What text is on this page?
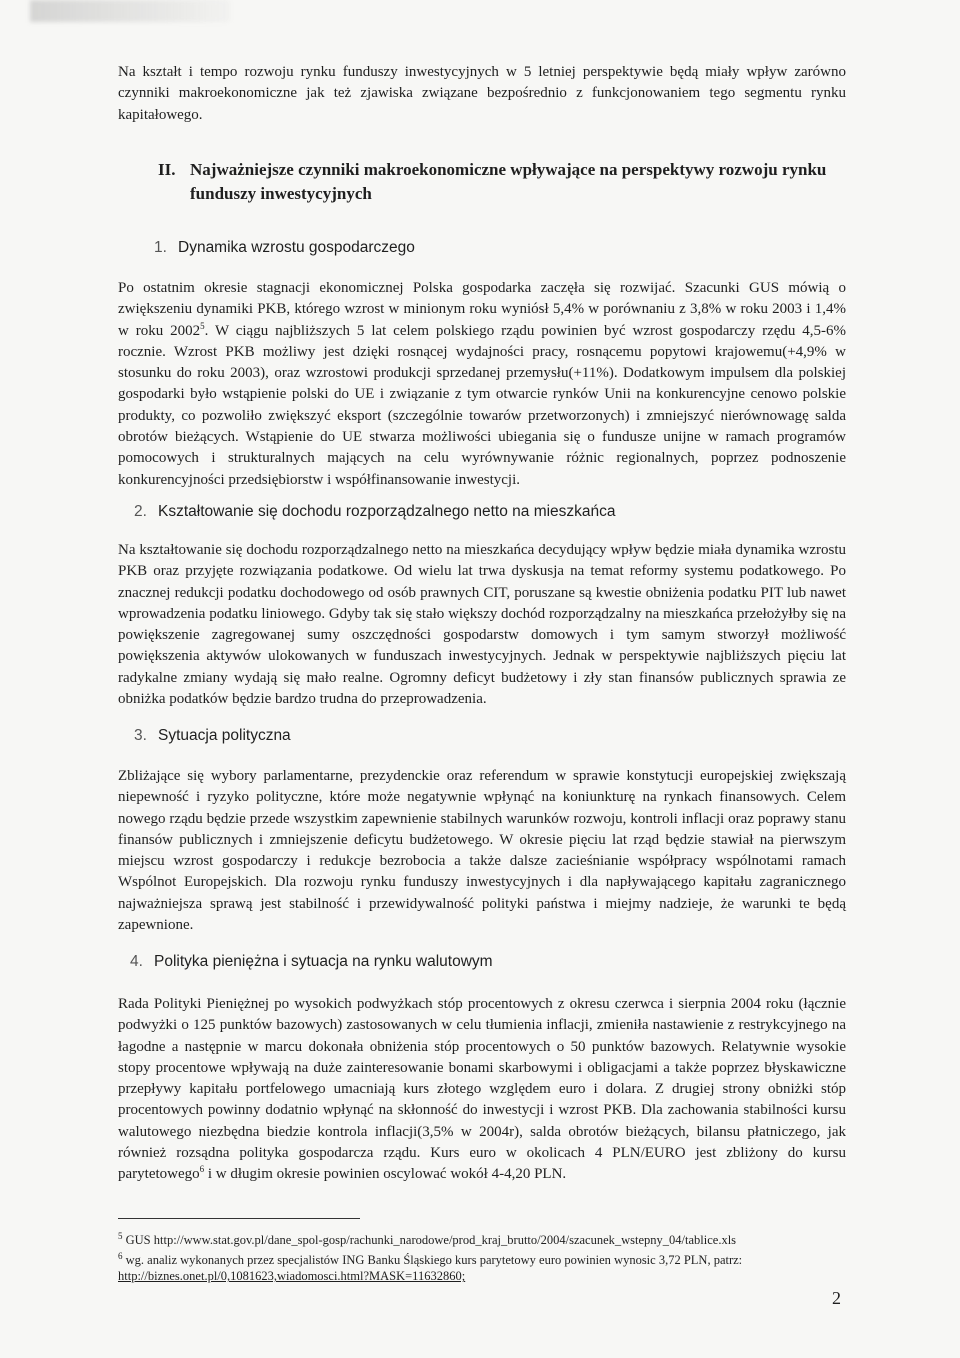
Na kształt i tempo rozwoju rynku funduszy inwestycyjnych w 5 letniej perspektywie będą miały wpływ zarówno czynniki makroekonomiczne jak też zjawiska związane bezpośrednio z funkcjonowaniem tego segmentu rynku kapitałowego.

II. Najważniejsze czynniki makroekonomiczne wpływające na perspektywy rozwoju rynku funduszy inwestycyjnych
1. Dynamika wzrostu gospodarczego

Po ostatnim okresie stagnacji ekonomicznej Polska gospodarka zaczęła się rozwijać. Szacunki GUS mówią o zwiększeniu dynamiki PKB, którego wzrost w minionym roku wyniósł 5,4% w porównaniu z 3,8% w roku 2003 i 1,4% w roku 2002$^5$. W ciągu najbliższych 5 lat celem polskiego rządu powinien być wzrost gospodarczy rzędu 4,5-6% rocznie. Wzrost PKB możliwy jest dzięki rosnącej wydajności pracy, rosnącemu popytowi krajowemu(+4,9% w stosunku do roku 2003), oraz wzrostowi produkcji sprzedanej przemysłu(+11%). Dodatkowym impulsem dla polskiej gospodarki było wstąpienie polski do UE i związanie z tym otwarcie rynków Unii na konkurencyjne cenowo polskie produkty, co pozwoliło zwiększyć eksport (szczególnie towarów przetworzonych) i zmniejszyć nierównowagę salda obrotów bieżących. Wstąpienie do UE stwarza możliwości ubiegania się o fundusze unijne w ramach programów pomocowych i strukturalnych mających na celu wyrównywanie różnic regionalnych, poprzez podnoszenie konkurencyjności przedsiębiorstw i współfinansowanie inwestycji.

2. Kształtowanie się dochodu rozporządzalnego netto na mieszkańca

Na kształtowanie się dochodu rozporządzalnego netto na mieszkańca decydujący wpływ będzie miała dynamika wzrostu PKB oraz przyjęte rozwiązania podatkowe. Od wielu lat trwa dyskusja na temat reformy systemu podatkowego. Po znacznej redukcji podatku dochodowego od osób prawnych CIT, poruszane są kwestie obniżenia podatku PIT lub nawet wprowadzenia podatku liniowego. Gdyby tak się stało większy dochód rozporządzalny na mieszkańca przełożyłby się na powiększenie zagregowanej sumy oszczędności gospodarstw domowych i tym samym stworzył możliwość powiększenia aktywów ulokowanych w funduszach inwestycyjnych. Jednak w perspektywie najbliższych pięciu lat radykalne zmiany wydają się mało realne. Ogromny deficyt budżetowy i zły stan finansów publicznych sprawia ze obniżka podatków będzie bardzo trudna do przeprowadzenia.

3. Sytuacja polityczna

Zbliżające się wybory parlamentarne, prezydenckie oraz referendum w sprawie konstytucji europejskiej zwiększają niepewność i ryzyko polityczne, które może negatywnie wpłynąć na koniunkturę na rynkach finansowych. Celem nowego rządu będzie przede wszystkim zapewnienie stabilnych warunków rozwoju, kontroli inflacji oraz poprawy stanu finansów publicznych i zmniejszenie deficytu budżetowego. W okresie pięciu lat rząd będzie stawiał na pierwszym miejscu wzrost gospodarczy i redukcje bezrobocia a także dalsze zacieśnianie współpracy wspólnotami ramach Wspólnot Europejskich. Dla rozwoju rynku funduszy inwestycyjnych i dla napływającego kapitału zagranicznego najważniejsza sprawą jest stabilność i przewidywalność polityki państwa i miejmy nadzieje, że warunki te będą zapewnione.

4. Polityka pieniężna i sytuacja na rynku walutowym

Rada Polityki Pieniężnej po wysokich podwyżkach stóp procentowych z okresu czerwca i sierpnia 2004 roku (łącznie podwyżki o 125 punktów bazowych) zastosowanych w celu tłumienia inflacji, zmieniła nastawienie z restrykcyjnego na łagodne a następnie w marcu dokonała obniżenia stóp procentowych o 50 punktów bazowych. Relatywnie wysokie stopy procentowe wpływają na duże zainteresowanie bonami skarbowymi i obligacjami a także poprzez błyskawiczne przepływy kapitału portfelowego umacniają kurs złotego względem euro i dolara. Z drugiej strony obniżki stóp procentowych powinny dodatnio wpłynąć na skłonność do inwestycji i wzrost PKB. Dla zachowania stabilności kursu walutowego niezbędna biedzie kontrola inflacji(3,5% w 2004r), salda obrotów bieżących, bilansu płatniczego, jak również rozsądna polityka gospodarcza rządu. Kurs euro w okolicach 4 PLN/EURO jest zbliżony do kursu parytetowego$^6$ i w długim okresie powinien oscylować wokół 4-4,20 PLN.

$^5$ GUS http://www.stat.gov.pl/dane_spol-gosp/rachunki_narodowe/prod_kraj_brutto/2004/szacunek_wstepny_04/tablice.xls
$^6$ wg. analiz wykonanych przez specjalistów ING Banku Śląskiego kurs parytetowy euro powinien wynosic 3,72 PLN, patrz:
http://biznes.onet.pl/0,1081623,wiadomosci.html?MASK=11632860;
2
